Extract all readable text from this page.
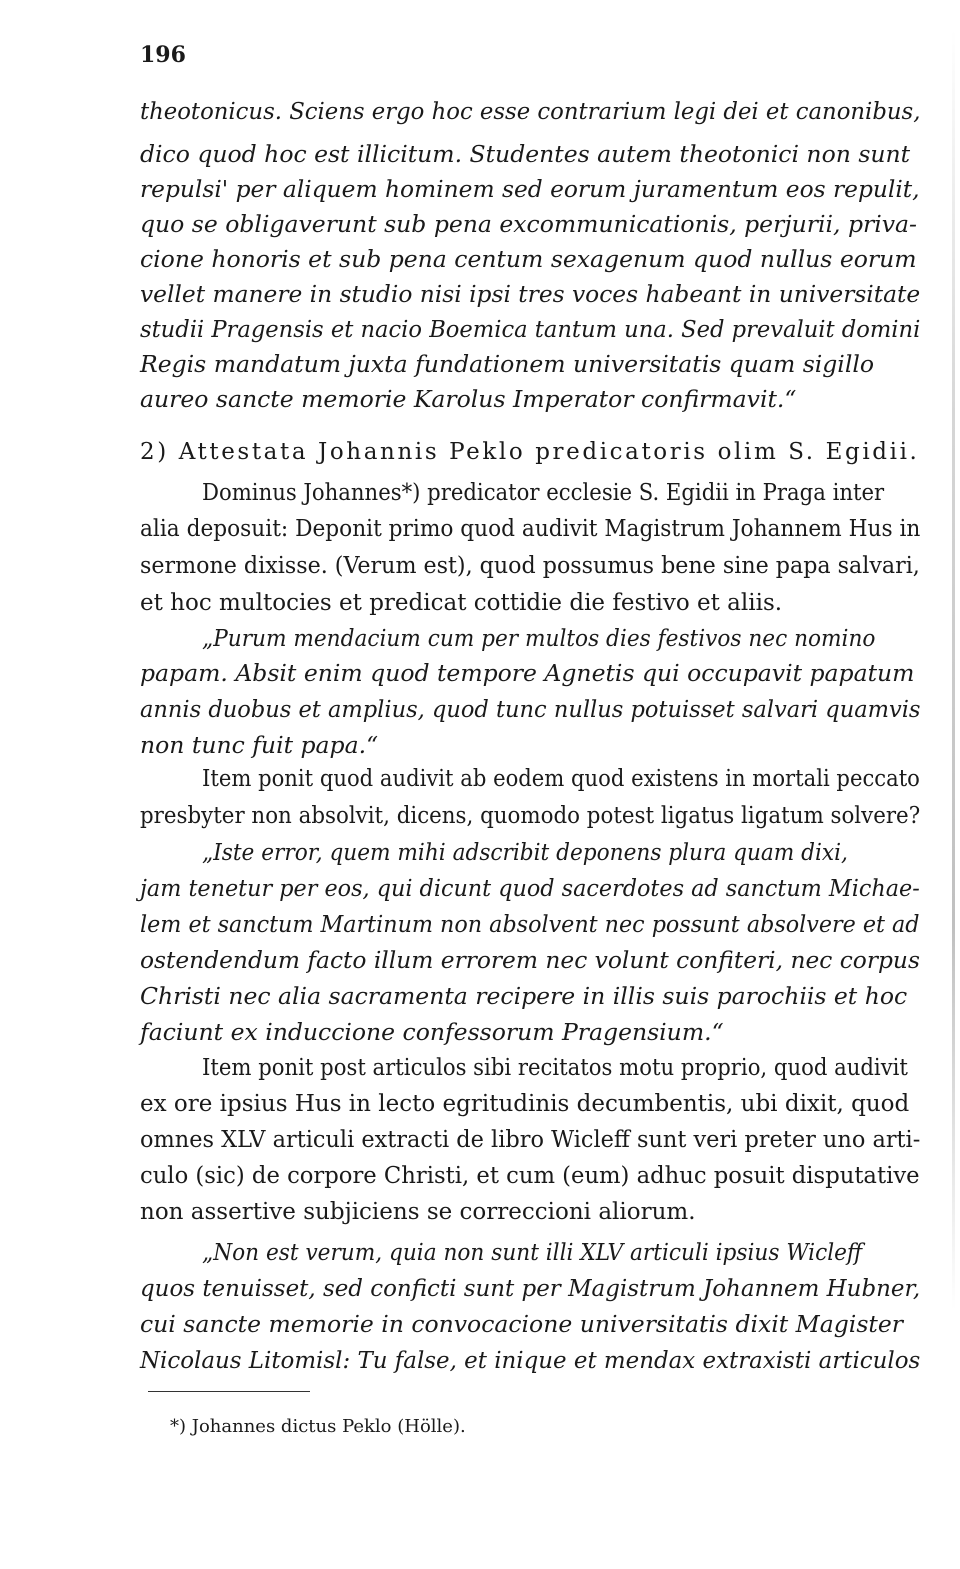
196
theotonicus. Sciens ergo hoc esse contrarium legi dei et canonibus,
dico quod hoc est illicitum. Studentes autem theotonici non sunt
repulsi' per aliquem hominem sed eorum juramentum eos repulit,
quo se obligaverunt sub pena excommunicationis, perjurii, priva-
cione honoris et sub pena centum sexagenum quod nullus eorum
vellet manere in studio nisi ipsi tres voces habeant in universitate
studii Pragensis et nacio Boemica tantum una. Sed prevaluit domini
Regis mandatum juxta fundationem universitatis quam sigillo
aureo sancte memorie Karolus Imperator confirmavit.“
2) Attestata Johannis Peklo predicatoris olim S. Egidii.
Dominus Johannes*) predicator ecclesie S. Egidii in Praga inter
alia deposuit: Deponit primo quod audivit Magistrum Johannem Hus in
sermone dixisse. (Verum est), quod possumus bene sine papa salvari,
et hoc multocies et predicat cottidie die festivo et aliis.
„Purum mendacium cum per multos dies festivos nec nomino
papam. Absit enim quod tempore Agnetis qui occupavit papatum
annis duobus et amplius, quod tunc nullus potuisset salvari quamvis
non tunc fuit papa.“
Item ponit quod audivit ab eodem quod existens in mortali peccato
presbyter non absolvit, dicens, quomodo potest ligatus ligatum solvere?
„Iste error, quem mihi adscribit deponens plura quam dixi,
jam tenetur per eos, qui dicunt quod sacerdotes ad sanctum Michae-
lem et sanctum Martinum non absolvent nec possunt absolvere et ad
ostendendum facto illum errorem nec volunt confiteri, nec corpus
Christi nec alia sacramenta recipere in illis suis parochiis et hoc
faciunt ex induccione confessorum Pragensium.“
Item ponit post articulos sibi recitatos motu proprio, quod audivit
ex ore ipsius Hus in lecto egritudinis decumbentis, ubi dixit, quod
omnes XLV articuli extracti de libro Wicleff sunt veri preter uno arti-
culo (sic) de corpore Christi, et cum (eum) adhuc posuit disputative
non assertive subjiciens se correccioni aliorum.
„Non est verum, quia non sunt illi XLV articuli ipsius Wicleff
quos tenuisset, sed conficti sunt per Magistrum Johannem Hubner,
cui sancte memorie in convocacione universitatis dixit Magister
Nicolaus Litomisl: Tu false, et inique et mendax extraxisti articulos
*) Johannes dictus Peklo (Hölle).
